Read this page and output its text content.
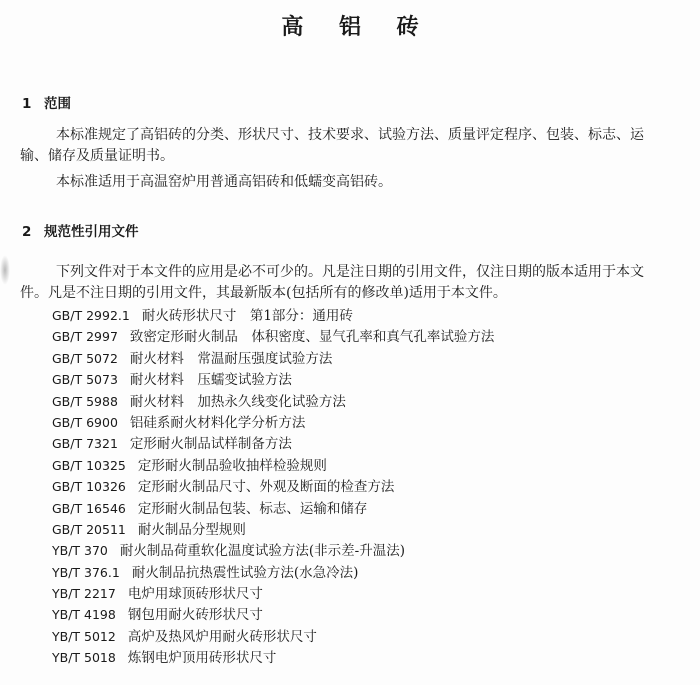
高 铝 砖
1 范围

本标准规定了高铝砖的分类、形状尺寸、技术要求、试验方法、质量评定程序、包装、标志、运输、储存及质量证明书。

本标准适用于高温窑炉用普通高铝砖和低蠕变高铝砖。

2 规范性引用文件

下列文件对于本文件的应用是必不可少的。凡是注日期的引用文件，仅注日期的版本适用于本文件。凡是不注日期的引用文件，其最新版本(包括所有的修改单)适用于本文件。

GB/T 2992.1 耐火砖形状尺寸　第1部分：通用砖
GB/T 2997 致密定形耐火制品　体积密度、显气孔率和真气孔率试验方法
GB/T 5072 耐火材料　常温耐压强度试验方法
GB/T 5073 耐火材料　压蠕变试验方法
GB/T 5988 耐火材料　加热永久线变化试验方法
GB/T 6900 铝硅系耐火材料化学分析方法
GB/T 7321 定形耐火制品试样制备方法
GB/T 10325 定形耐火制品验收抽样检验规则
GB/T 10326 定形耐火制品尺寸、外观及断面的检查方法
GB/T 16546 定形耐火制品包装、标志、运输和储存
GB/T 20511 耐火制品分型规则
YB/T 370 耐火制品荷重软化温度试验方法(非示差-升温法)
YB/T 376.1 耐火制品抗热震性试验方法(水急冷法)
YB/T 2217 电炉用球顶砖形状尺寸
YB/T 4198 钢包用耐火砖形状尺寸
YB/T 5012 高炉及热风炉用耐火砖形状尺寸
YB/T 5018 炼钢电炉顶用砖形状尺寸
